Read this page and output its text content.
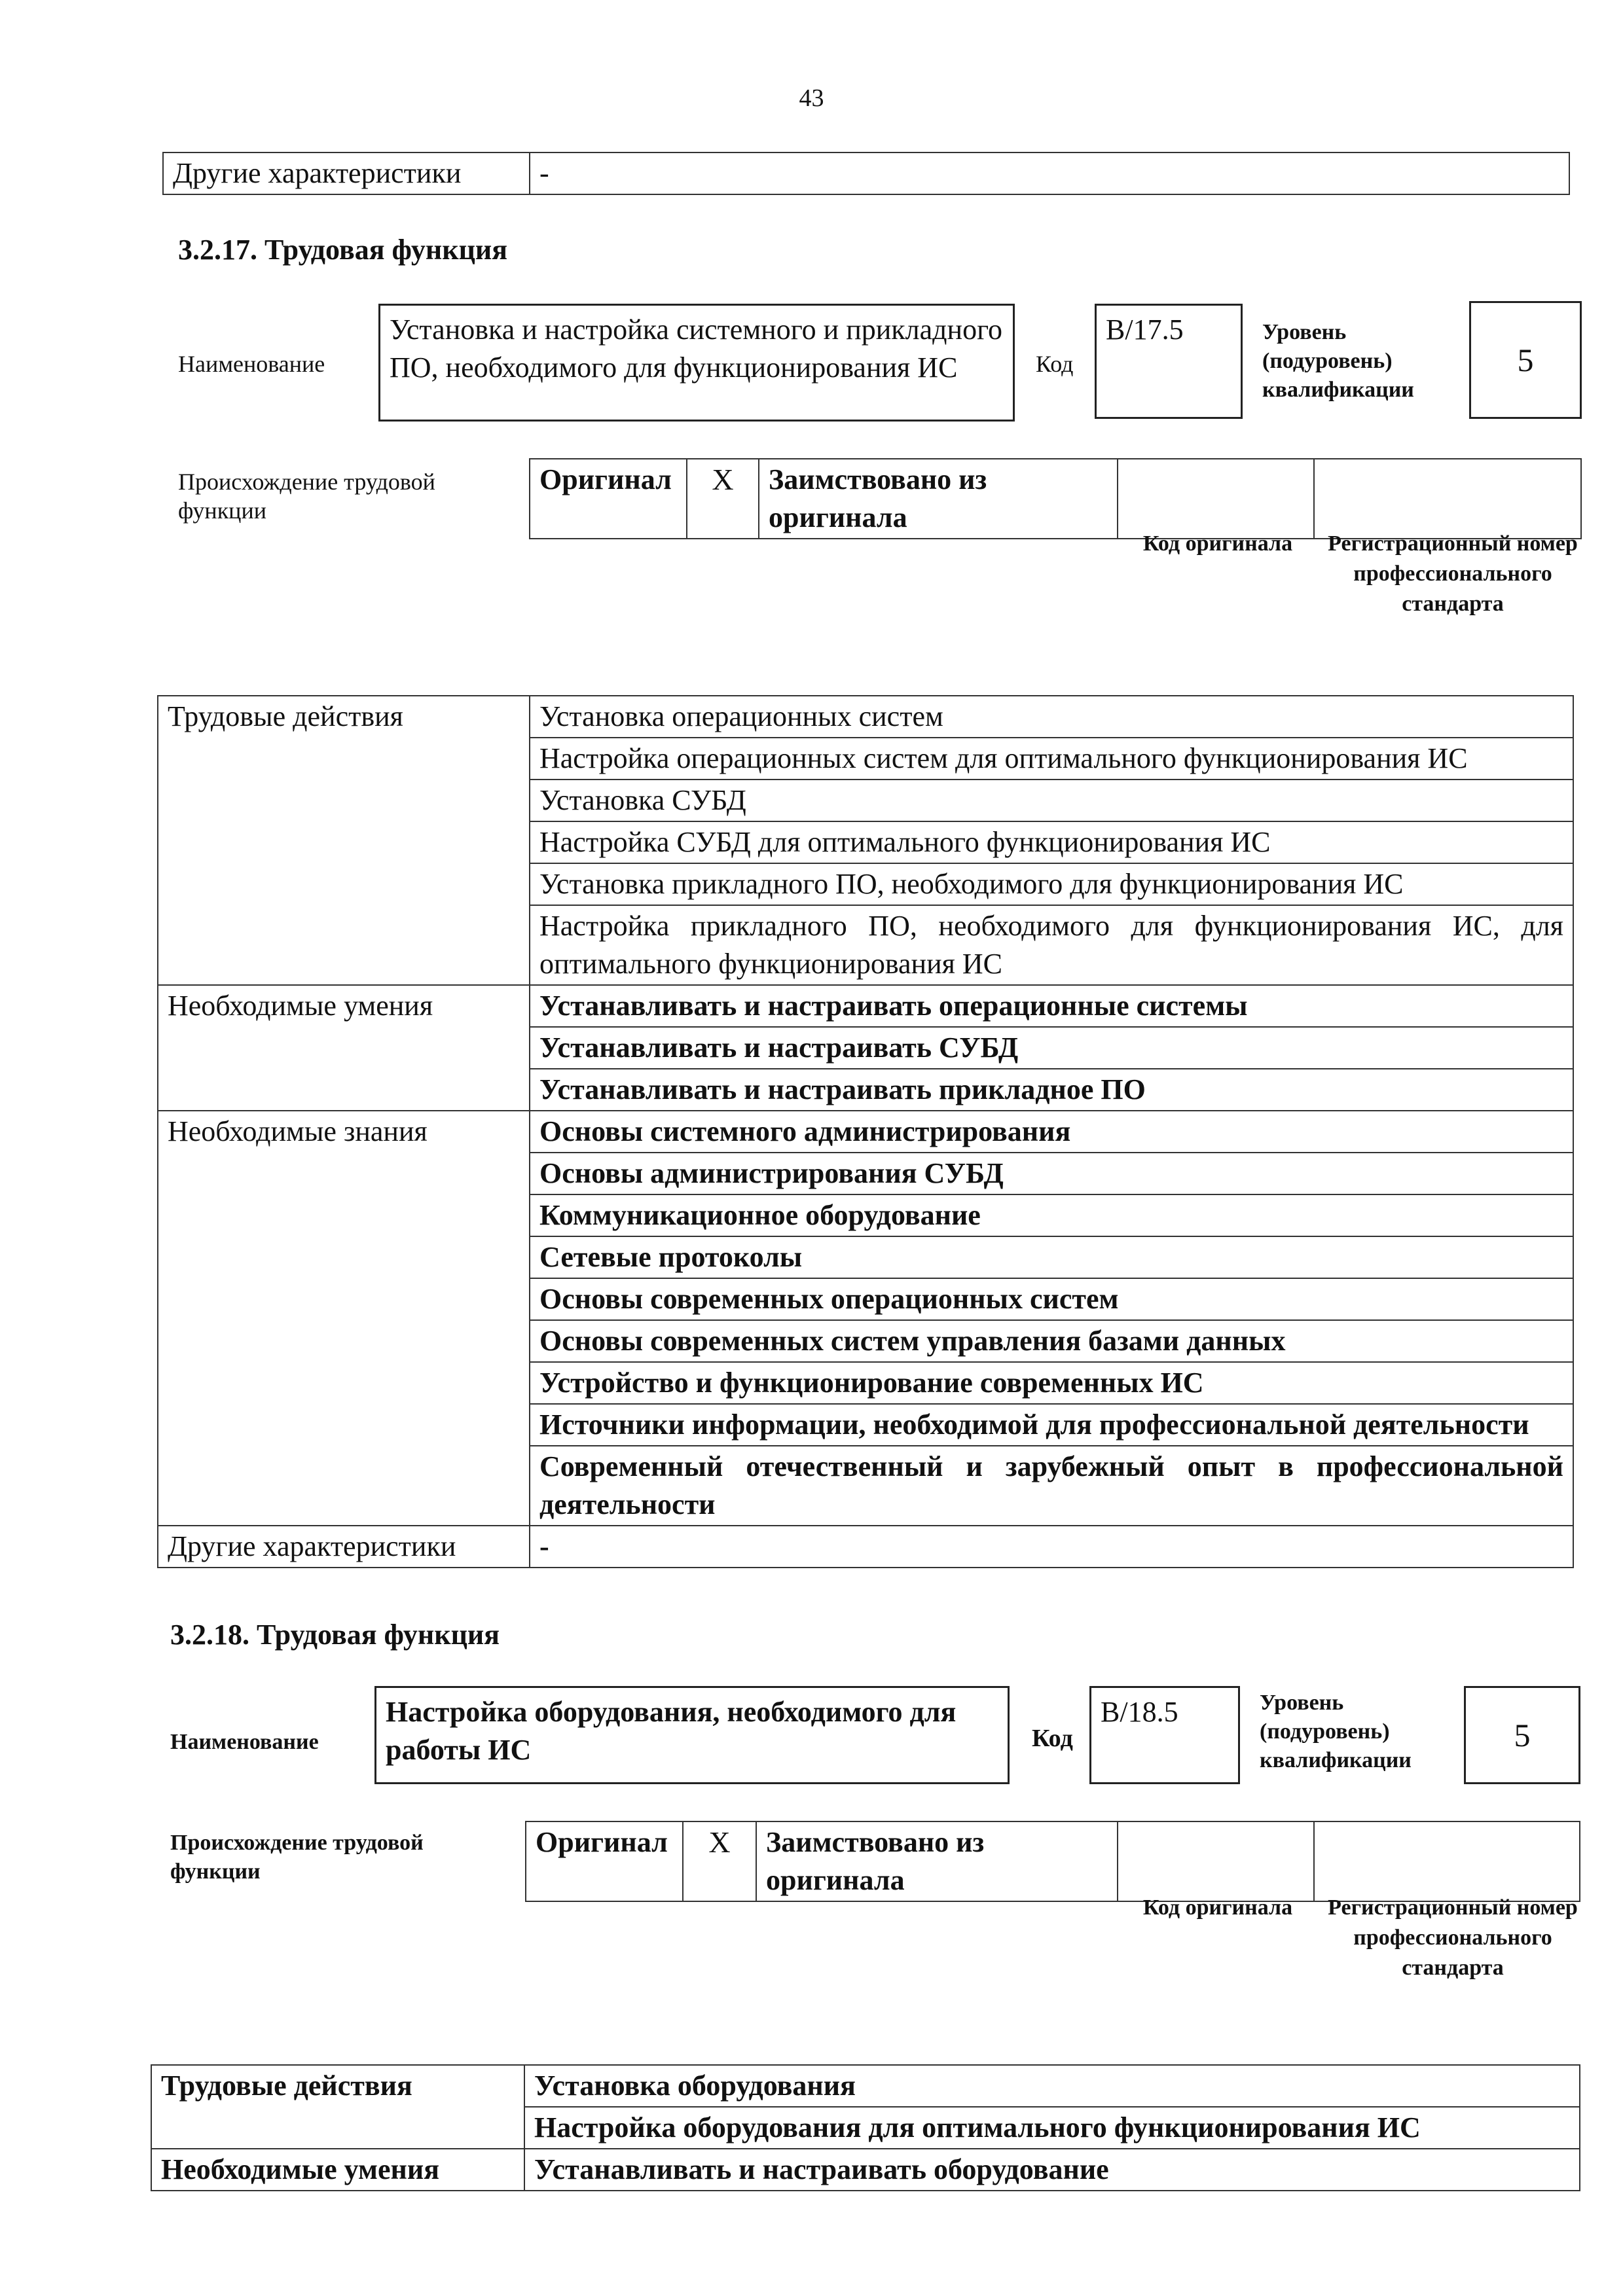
43
Другие характеристики	-
3.2.17. Трудовая функция
Наименование
Установка и настройка системного и прикладного ПО, необходимого для функционирования ИС	Код
B/17.5	Уровень (подуровень) квалификации
5
Происхождение трудовой функции
Оригинал	X	Заимствовано из оригинала		
Код оригинала Регистрационный номер профессионального стандарта
Трудовые действия	Установка операционных систем
	Настройка операционных систем для оптимального функционирования ИС
	Установка СУБД
	Настройка СУБД для оптимального функционирования ИС
	Установка прикладного ПО, необходимого для функционирования ИС
	Настройка прикладного ПО, необходимого для функционирования ИС, для оптимального функционирования ИС
Необходимые умения	Устанавливать и настраивать операционные системы
	Устанавливать и настраивать СУБД
	Устанавливать и настраивать прикладное ПО
Необходимые знания	Основы системного администрирования
	Основы администрирования СУБД
	Коммуникационное оборудование
	Сетевые протоколы
	Основы современных операционных систем
	Основы современных систем управления базами данных
	Устройство и функционирование современных ИС
	Источники информации, необходимой для профессиональной деятельности
	Современный отечественный и зарубежный опыт в профессиональной деятельности
Другие характеристики	-
3.2.18. Трудовая функция
Наименование
Настройка оборудования, необходимого для работы ИС	Код
B/18.5	Уровень (подуровень) квалификации
5
Происхождение трудовой функции
Оригинал	X	Заимствовано из оригинала		
Код оригинала Регистрационный номер профессионального стандарта
Трудовые действия	Установка оборудования
	Настройка оборудования для оптимального функционирования ИС
Необходимые умения	Устанавливать и настраивать оборудование
